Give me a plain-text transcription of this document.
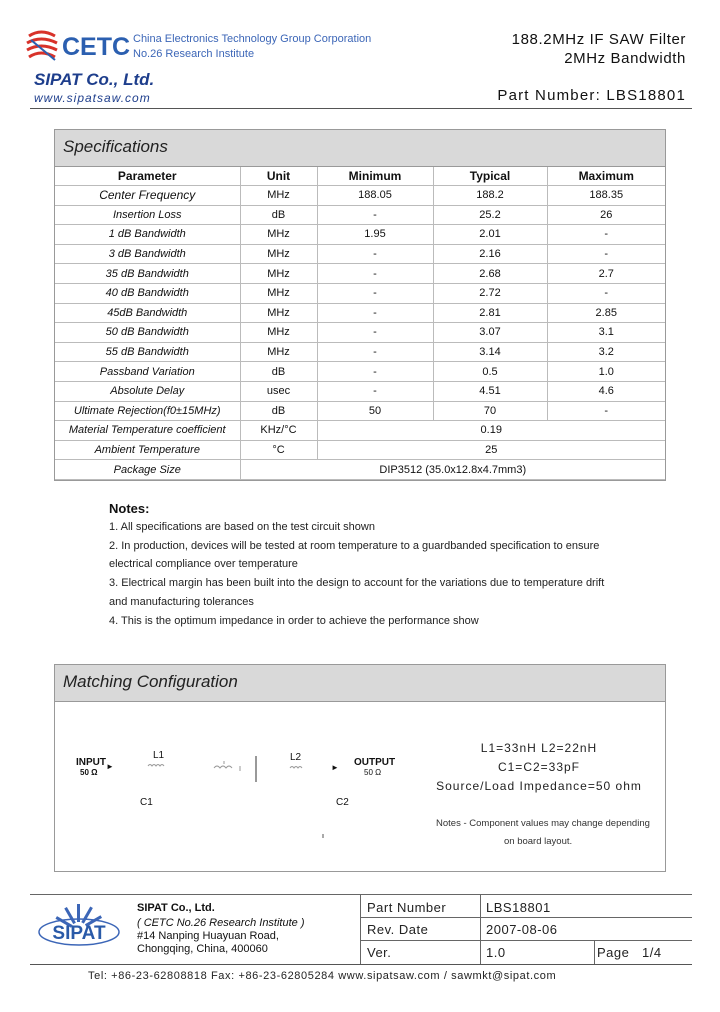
CETC China Electronics Technology Group Corporation
No.26 Research Institute
SIPAT Co., Ltd.
www.sipatsaw.com
188.2MHz IF SAW Filter
2MHz Bandwidth
Part Number: LBS18801
Specifications
Parameter	Unit	Minimum	Typical	Maximum
Center Frequency	MHz	188.05	188.2	188.35
Insertion Loss	dB	-	25.2	26
1 dB Bandwidth	MHz	1.95	2.01	-
3 dB Bandwidth	MHz	-	2.16	-
35 dB Bandwidth	MHz	-	2.68	2.7
40 dB Bandwidth	MHz	-	2.72	-
45dB Bandwidth	MHz	-	2.81	2.85
50 dB Bandwidth	MHz	-	3.07	3.1
55 dB Bandwidth	MHz	-	3.14	3.2
Passband Variation	dB	-	0.5	1.0
Absolute Delay	usec	-	4.51	4.6
Ultimate Rejection(f0±15MHz)	dB	50	70	-
Material Temperature coefficient	KHz/°C	0.19		
Ambient Temperature	°C	25		
Package Size	DIP3512 (35.0x12.8x4.7mm3)			
Notes:
1. All specifications are based on the test circuit shown
2. In production, devices will be tested at room temperature to a guardbanded specification to ensure
electrical compliance over temperature
3. Electrical margin has been built into the design to account for the variations due to temperature drift
and manufacturing tolerances
4. This is the optimum impedance in order to achieve the performance show
Matching Configuration
INPUT
50 Ω
►
L1	L2
► OUTPUT
50 Ω
C1	C2
L1=33nH L2=22nH
C1=C2=33pF
Source/Load Impedance=50 ohm
Notes - Component values may change depending
on board layout.
SIPAT
SIPAT Co., Ltd.
( CETC No.26 Research Institute )
#14 Nanping Huayuan Road,
Chongqing, China, 400060
Part Number	LBS18801
Rev. Date	2007-08-06
Ver.	1.0	Page 1/4
Tel: +86-23-62808818 Fax: +86-23-62805284 www.sipatsaw.com / sawmkt@sipat.com
